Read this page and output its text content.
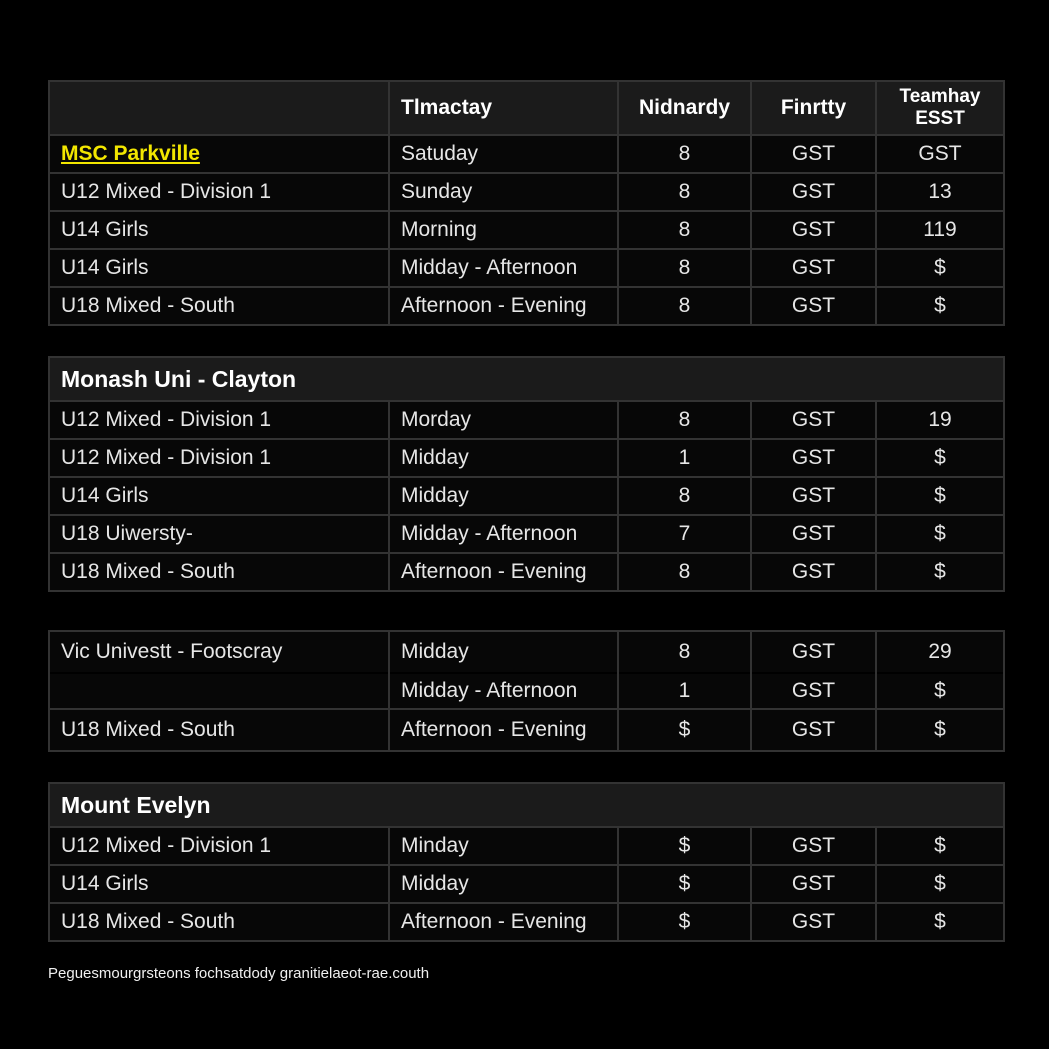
	Tlmactay	Nidnardy	Finrtty	Teamhay ESST
MSC Parkville	Satuday	8	GST	GST
U12 Mixed - Division 1	Sunday	8	GST	13
U14 Girls	Morning	8	GST	119
U14 Girls	Midday - Afternoon	8	GST	$
U18 Mixed - South	Afternoon - Evening	8	GST	$
Monash Uni - Clayton				
U12 Mixed - Division 1	Morday	8	GST	19
U12 Mixed - Division 1	Midday	1	GST	$
U14 Girls	Midday	8	GST	$
U18 Uiwersty-	Midday - Afternoon	7	GST	$
U18 Mixed - South	Afternoon - Evening	8	GST	$
Vic Univestt - Footscray	Midday	8	GST	29
	Midday - Afternoon	1	GST	$
U18 Mixed - South	Afternoon - Evening	$	GST	$
Mount Evelyn				
U12 Mixed - Division 1	Minday	$	GST	$
U14 Girls	Midday	$	GST	$
U18 Mixed - South	Afternoon - Evening	$	GST	$
Peguesmourgrsteons fochsatdody granitielaeot-rae.couth
